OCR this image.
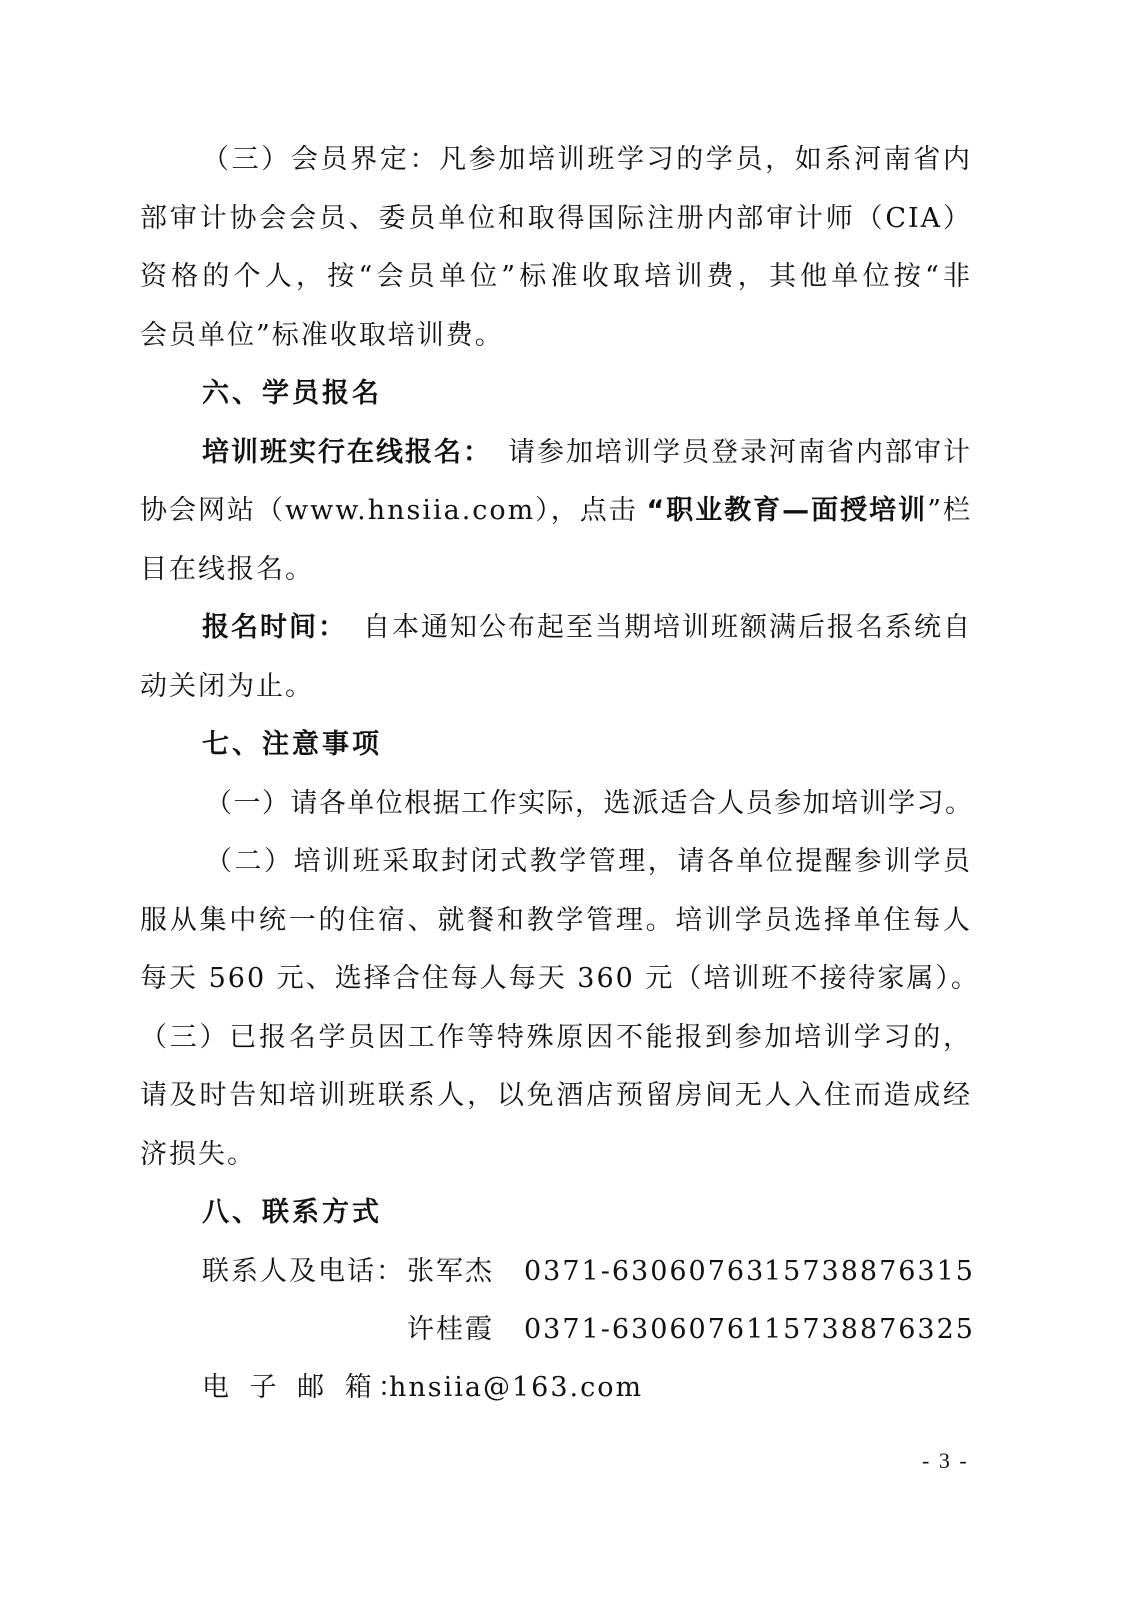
（三）会员界定：凡参加培训班学习的学员，如系河南省内
部审计协会会员、委员单位和取得国际注册内部审计师（CIA）
资格的个人，按“会员单位”标准收取培训费，其他单位按“非
会员单位”标准收取培训费。
六、学员报名
培训班实行在线报名： 请参加培训学员登录河南省内部审计
协会网站（www.hnsiia.com），点击 “职业教育—面授培训”栏
目在线报名。
报名时间： 自本通知公布起至当期培训班额满后报名系统自
动关闭为止。
七、注意事项
（一）请各单位根据工作实际，选派适合人员参加培训学习。
（二）培训班采取封闭式教学管理，请各单位提醒参训学员
服从集中统一的住宿、就餐和教学管理。培训学员选择单住每人
每天 560 元、选择合住每人每天 360 元（培训班不接待家属）。
（三）已报名学员因工作等特殊原因不能报到参加培训学习的，
请及时告知培训班联系人，以免酒店预留房间无人入住而造成经
济损失。
八、联系方式
联系人及电话： 张军杰 0371-63060763
15738876315
许桂霞 0371-63060761
15738876325
电 子 邮 箱：
hnsiia@163.com
- 3 -
